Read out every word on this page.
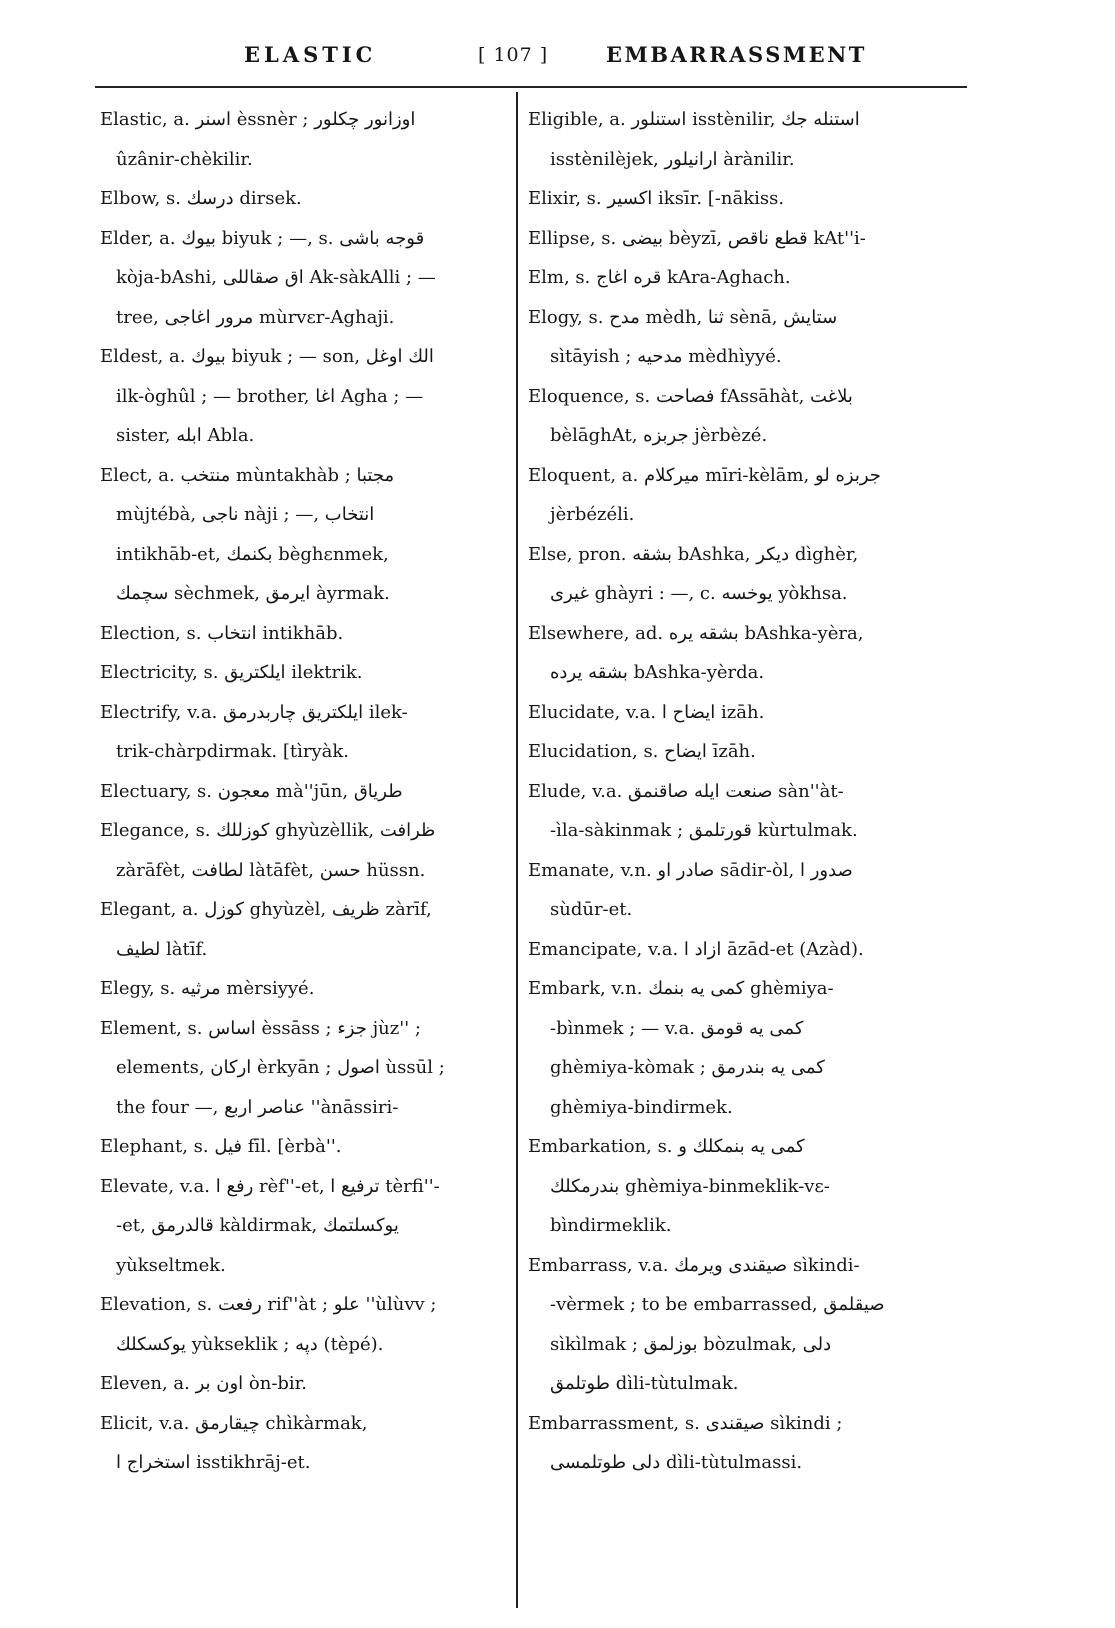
ELASTIC	[ 107 ]	EMBARRASSMENT
Elastic, a. اسنر èssnèr ; اوزانور چكلور
ûzânir-chèkilir.
Elbow, s. درسك dirsek.
Elder, a. بيوك biyuk ; —, s. قوجه باشى
kòja-bAshi, اق صقاللى Ak-sàkAlli ; —
tree, مرور اغاجى mùrvɛr-Aghaji.
Eldest, a. بيوك biyuk ; — son, الك اوغل
ilk-òghûl ; — brother, اغا Agha ; —
sister, ابله Abla.
Elect, a. منتخب mùntakhàb ; مجتبا
mùjtébà, ناجى nàji ; —, انتخاب
intikhāb-et, بكنمك bèghɛnmek,
سچمك sèchmek, ايرمق àyrmak.
Election, s. انتخاب intikhāb.
Electricity, s. ايلكتريق ilektrik.
Electrify, v.a. ايلكتريق چاربدرمق ilek-
trik-chàrpdirmak. [tìryàk.
Electuary, s. معجون mà''jūn, طرياق
Elegance, s. كوزللك ghyùzèllik, ظرافت
zàrāfèt, لطافت làtāfèt, حسن hüssn.
Elegant, a. كوزل ghyùzèl, ظريف zàrīf,
لطيف làtīf.
Elegy, s. مرثيه mèrsiyyé.
Element, s. اساس èssāss ; جزء jùz'' ;
elements, اركان èrkyān ; اصول ùssūl ;
the four —, عناصر اربع ''ànāssiri-
Elephant, s. فيل fīl. [èrbà''.
Elevate, v.a. رفع ا rèf''-et, ترفيع ا tèrfi''-
-et, قالدرمق kàldirmak, يوكسلتمك
yùkseltmek.
Elevation, s. رفعت rif''àt ; علو ''ùlùvv ;
يوكسكلك yùkseklik ; دپه (tèpé).
Eleven, a. اون بر òn-bir.
Elicit, v.a. چيقارمق chìkàrmak,
استخراج ا isstikhrāj-et.
Eligible, a. استنلور isstènilir, استنله جك
isstènilèjek, ارانيلور àrànilir.
Elixir, s. اكسير iksīr. [-nākiss.
Ellipse, s. بيضى bèyzī, قطع ناقص kAt''i-
Elm, s. قره اغاج kAra-Aghach.
Elogy, s. مدح mèdh, ثنا sènā, ستايش
sìtāyish ; مدحيه mèdhìyyé.
Eloquence, s. فصاحت fAssāhàt, بلاغت
bèlāghAt, جربزه jèrbèzé.
Eloquent, a. ميركلام mīri-kèlām, جربزه لو
jèrbézéli.
Else, pron. بشقه bAshka, ديكر dìghèr,
غيرى ghàyri : —, c. يوخسه yòkhsa.
Elsewhere, ad. بشقه يره bAshka-yèra,
بشقه يرده bAshka-yèrda.
Elucidate, v.a. ايضاح ا izāh.
Elucidation, s. ايضاح īzāh.
Elude, v.a. صنعت ايله صاقنمق sàn''àt-
-ìla-sàkinmak ; قورتلمق kùrtulmak.
Emanate, v.n. صادر او sādir-òl, صدور ا
sùdūr-et.
Emancipate, v.a. ازاد ا āzād-et (Azàd).
Embark, v.n. كمى يه بنمك ghèmiya-
-bìnmek ; — v.a. كمى يه قومق
ghèmiya-kòmak ; كمى يه بندرمق
ghèmiya-bindirmek.
Embarkation, s. كمى يه بنمكلك و
بندرمكلك ghèmiya-binmeklik-vɛ-
bìndirmeklik.
Embarrass, v.a. صيقندى ويرمك sìkindi-
-vèrmek ; to be embarrassed, صيقلمق
sìkìlmak ; بوزلمق bòzulmak, دلى
طوتلمق dìli-tùtulmak.
Embarrassment, s. صيقندى sìkindi ;
دلى طوتلمسى dìli-tùtulmassi.
